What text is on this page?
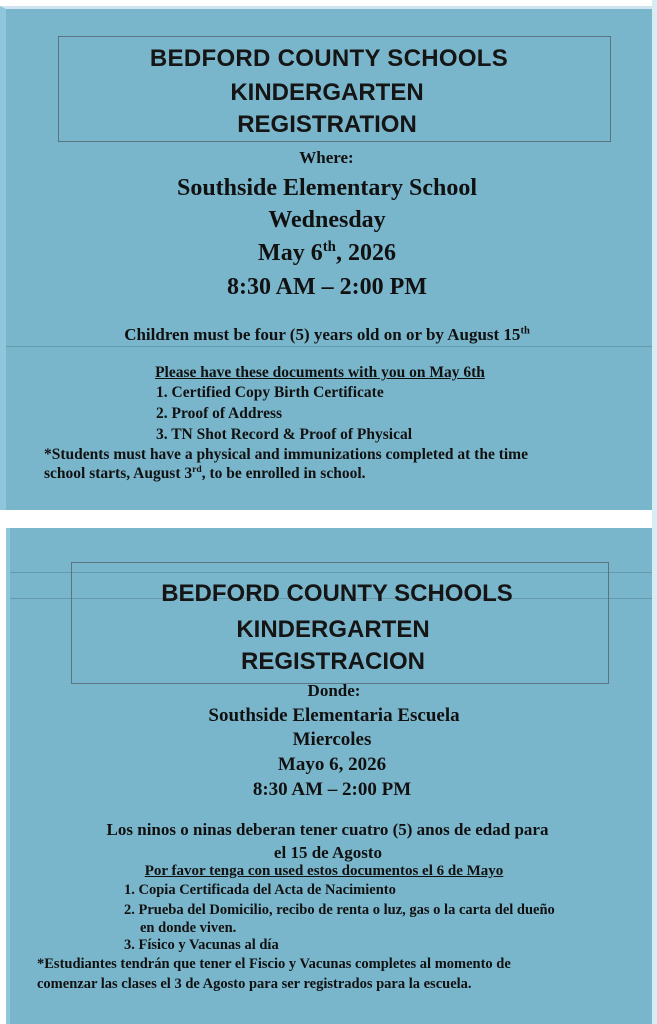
BEDFORD COUNTY SCHOOLS
KINDERGARTEN
REGISTRATION
Where:
Southside Elementary School
Wednesday
May 6th, 2026
8:30 AM – 2:00 PM
Children must be four (5) years old on or by August 15th
Please have these documents with you on May 6th
1. Certified Copy Birth Certificate
2. Proof of Address
3. TN Shot Record & Proof of Physical
*Students must have a physical and immunizations completed at the time
school starts, August 3rd, to be enrolled in school.
BEDFORD COUNTY SCHOOLS
KINDERGARTEN
REGISTRACION
Donde:
Southside Elementaria Escuela
Miercoles
Mayo 6, 2026
8:30 AM – 2:00 PM
Los ninos o ninas deberan tener cuatro (5) anos de edad para
el 15 de Agosto
Por favor tenga con used estos documentos el 6 de Mayo
1. Copia Certificada del Acta de Nacimiento
2. Prueba del Domicilio, recibo de renta o luz, gas o la carta del dueño
en donde viven.
3. Físico y Vacunas al día
*Estudiantes tendrán que tener el Fiscio y Vacunas completes al momento de
comenzar las clases el 3 de Agosto para ser registrados para la escuela.
